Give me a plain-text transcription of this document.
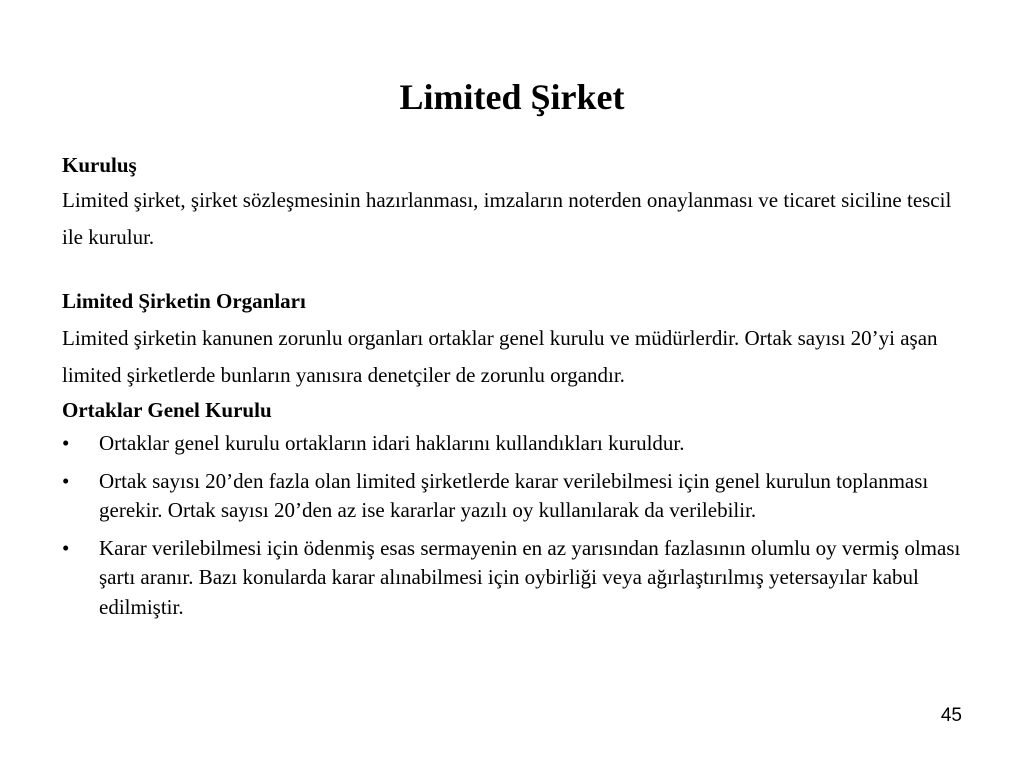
Limited Şirket
Kuruluş
Limited şirket, şirket sözleşmesinin hazırlanması, imzaların noterden onaylanması ve ticaret siciline tescil ile kurulur.
Limited Şirketin Organları
Limited şirketin kanunen zorunlu organları ortaklar genel kurulu ve müdürlerdir. Ortak sayısı 20’yi aşan limited şirketlerde bunların yanısıra denetçiler de zorunlu organdır.
Ortaklar Genel Kurulu
• Ortaklar genel kurulu ortakların idari haklarını kullandıkları kuruldur.
• Ortak sayısı 20’den fazla olan limited şirketlerde karar verilebilmesi için genel kurulun toplanması gerekir. Ortak sayısı 20’den az ise kararlar yazılı oy kullanılarak da verilebilir.
• Karar verilebilmesi için ödenmiş esas sermayenin en az yarısından fazlasının olumlu oy vermiş olması şartı aranır. Bazı konularda karar alınabilmesi için oybirliği veya ağırlaştırılmış yetersayılar kabul edilmiştir.
45
